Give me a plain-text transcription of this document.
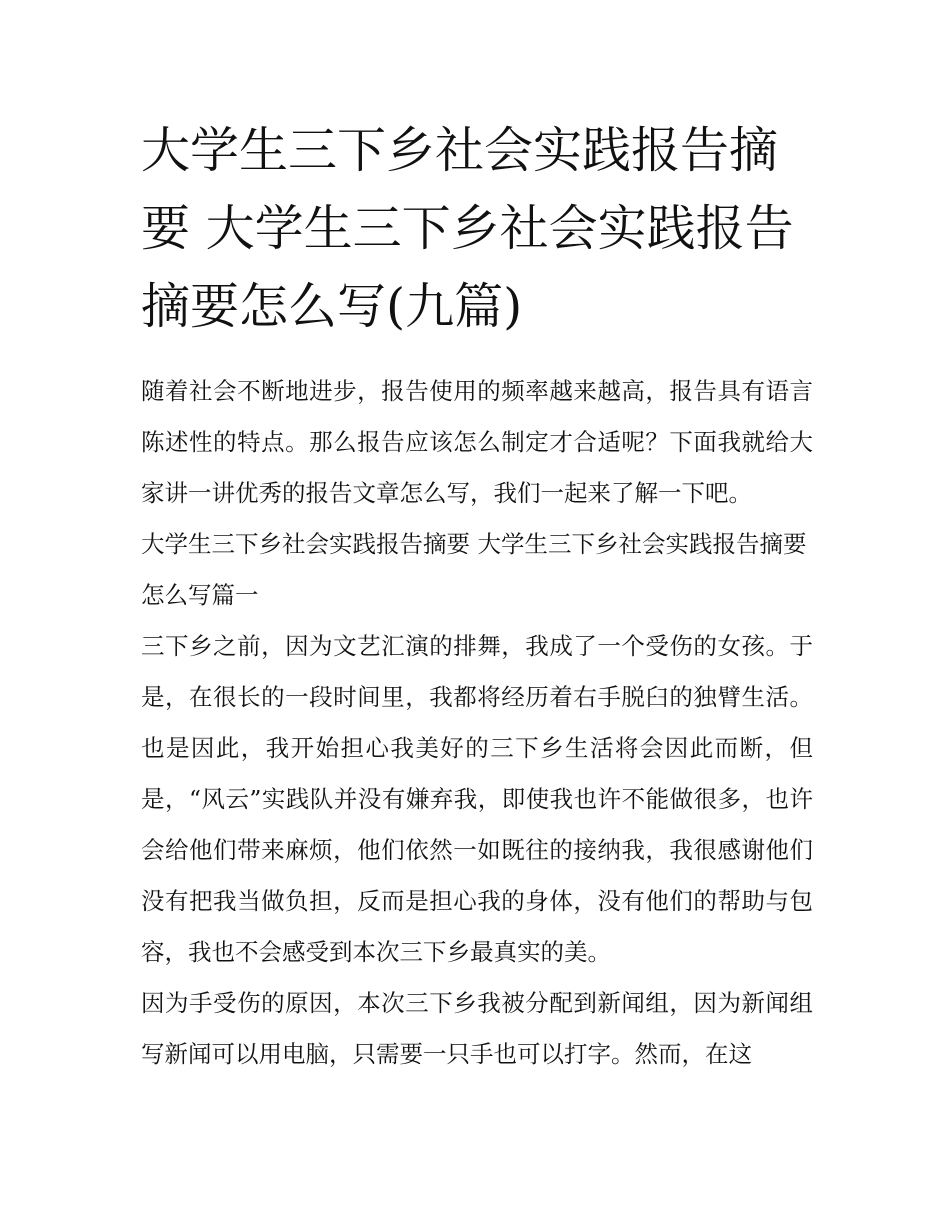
大学生三下乡社会实践报告摘要 大学生三下乡社会实践报告摘要怎么写(九篇)

随着社会不断地进步，报告使用的频率越来越高，报告具有语言陈述性的特点。那么报告应该怎么制定才合适呢？下面我就给大家讲一讲优秀的报告文章怎么写，我们一起来了解一下吧。

大学生三下乡社会实践报告摘要 大学生三下乡社会实践报告摘要怎么写篇一

三下乡之前，因为文艺汇演的排舞，我成了一个受伤的女孩。于是，在很长的一段时间里，我都将经历着右手脱臼的独臂生活。也是因此，我开始担心我美好的三下乡生活将会因此而断，但是，“风云”实践队并没有嫌弃我，即使我也许不能做很多，也许会给他们带来麻烦，他们依然一如既往的接纳我，我很感谢他们没有把我当做负担，反而是担心我的身体，没有他们的帮助与包容，我也不会感受到本次三下乡最真实的美。

因为手受伤的原因，本次三下乡我被分配到新闻组，因为新闻组写新闻可以用电脑，只需要一只手也可以打字。然而，在这
